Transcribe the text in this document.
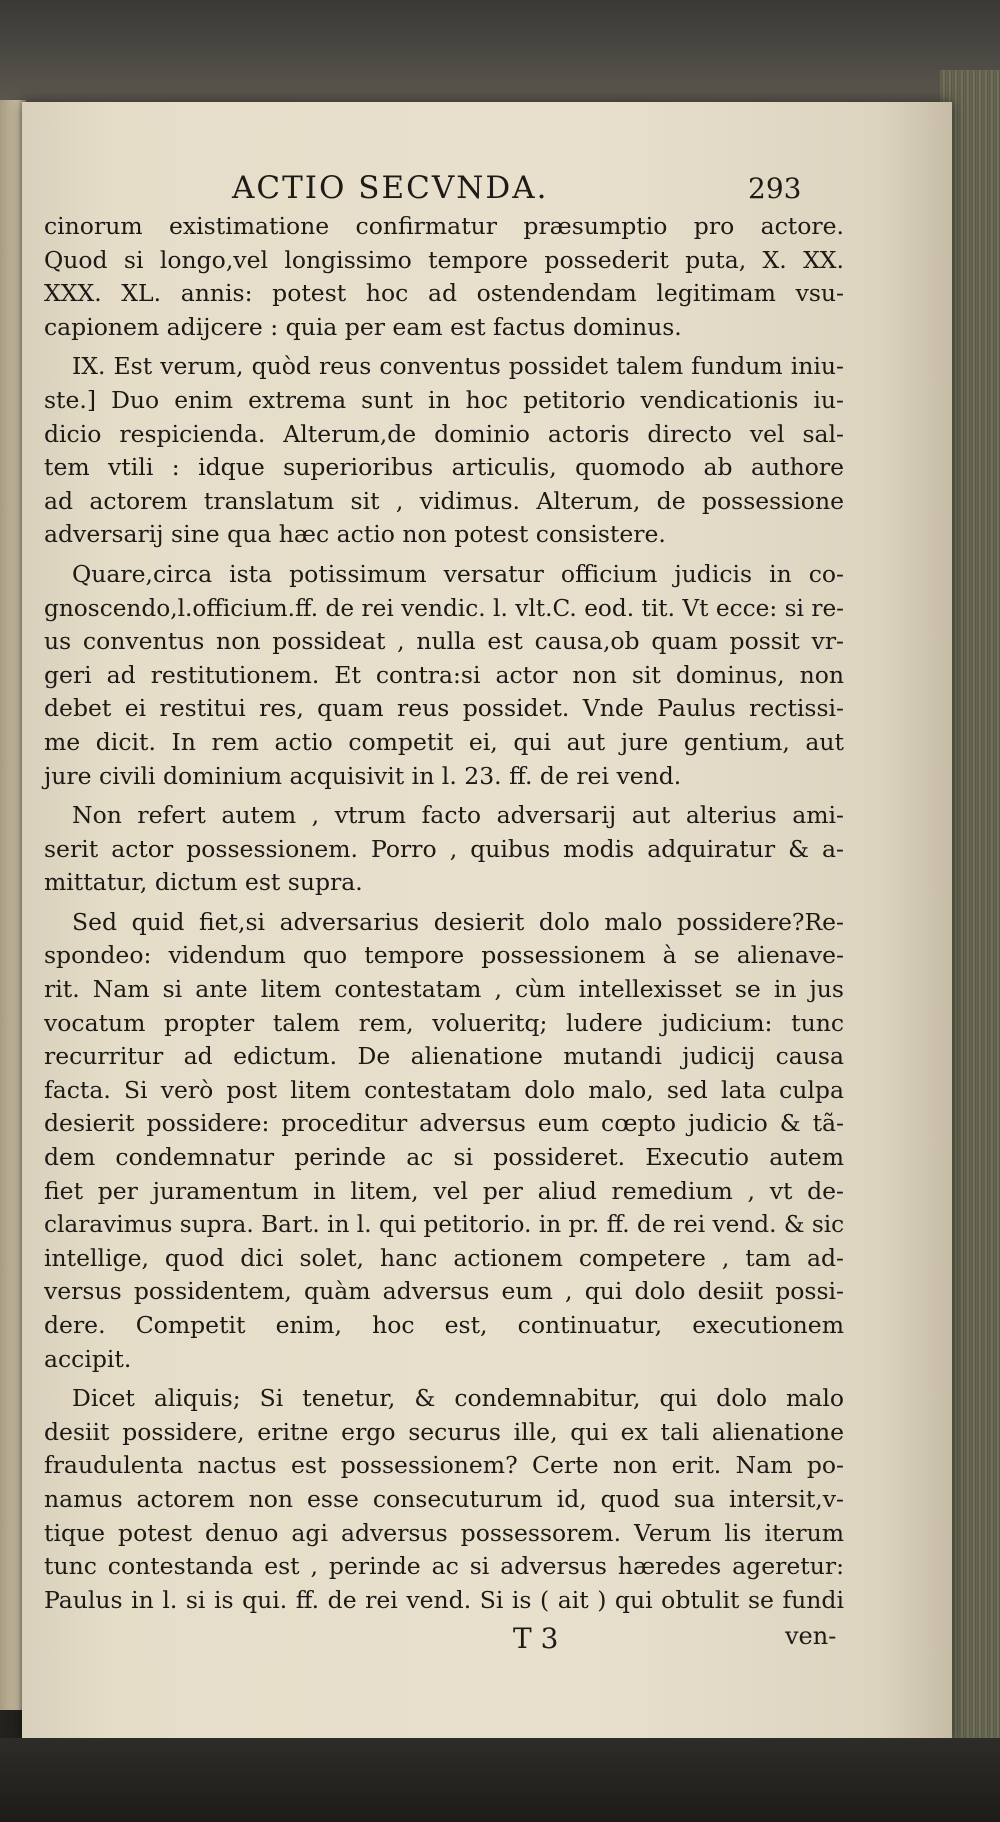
ACTIO SECVNDA.	293

cinorum existimatione confirmatur præsumptio pro actore.
Quod si longo,vel longissimo tempore possederit puta, X. XX.
XXX. XL. annis: potest hoc ad ostendendam legitimam vsu-
capionem adijcere : quia per eam est factus dominus.

IX. Est verum, quòd reus conventus possidet talem fundum iniu-
ste.] Duo enim extrema sunt in hoc petitorio vendicationis iu-
dicio respicienda. Alterum,de dominio actoris directo vel sal-
tem vtili : idque superioribus articulis, quomodo ab authore
ad actorem translatum sit , vidimus. Alterum, de possessione
adversarij sine qua hæc actio non potest consistere.

Quare,circa ista potissimum versatur officium judicis in co-
gnoscendo,l.officium.ff. de rei vendic. l. vlt.C. eod. tit. Vt ecce: si re-
us conventus non possideat , nulla est causa,ob quam possit vr-
geri ad restitutionem. Et contra:si actor non sit dominus, non
debet ei restitui res, quam reus possidet. Vnde Paulus rectissi-
me dicit. In rem actio competit ei, qui aut jure gentium, aut
jure civili dominium acquisivit in l. 23. ff. de rei vend.

Non refert autem , vtrum facto adversarij aut alterius ami-
serit actor possessionem. Porro , quibus modis adquiratur & a-
mittatur, dictum est supra.

Sed quid fiet,si adversarius desierit dolo malo possidere?Re-
spondeo: videndum quo tempore possessionem à se alienave-
rit. Nam si ante litem contestatam , cùm intellexisset se in jus
vocatum propter talem rem, volueritq; ludere judicium: tunc
recurritur ad edictum. De alienatione mutandi judicij causa
facta. Si verò post litem contestatam dolo malo, sed lata culpa
desierit possidere: proceditur adversus eum cœpto judicio & tã-
dem condemnatur perinde ac si possideret. Executio autem
fiet per juramentum in litem, vel per aliud remedium , vt de-
claravimus supra. Bart. in l. qui petitorio. in pr. ff. de rei vend. & sic
intellige, quod dici solet, hanc actionem competere , tam ad-
versus possidentem, quàm adversus eum , qui dolo desiit possi-
dere. Competit enim, hoc est, continuatur, executionem
accipit.

Dicet aliquis; Si tenetur, & condemnabitur, qui dolo malo
desiit possidere, eritne ergo securus ille, qui ex tali alienatione
fraudulenta nactus est possessionem? Certe non erit. Nam po-
namus actorem non esse consecuturum id, quod sua intersit,v-
tique potest denuo agi adversus possessorem. Verum lis iterum
tunc contestanda est , perinde ac si adversus hæredes ageretur:
Paulus in l. si is qui. ff. de rei vend. Si is ( ait ) qui obtulit se fundi

T 3	ven-
